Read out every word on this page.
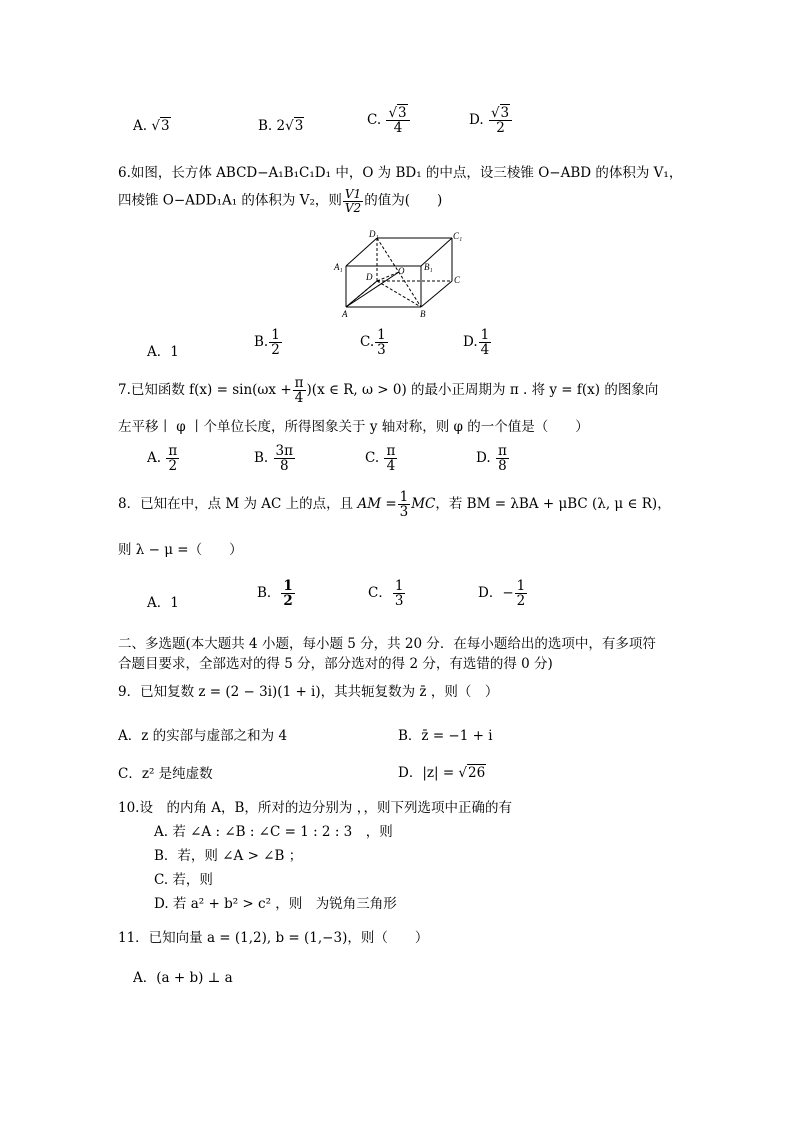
A. √3	B. 2√3	C. $\frac{√3}{4}$	D. $\frac{√3}{2}$
6.如图，长方体 ABCD−A₁B₁C₁D₁ 中，O 为 BD₁ 的中点，设三棱锥 O−ABD 的体积为 V₁，
四棱锥 O−ADD₁A₁ 的体积为 V₂，则 $\frac{V1}{V2}$ 的值为(　　)
D₁	C₁
A₁	B₁
D
O
C
A	B
A．1
B. $\frac{1}{2}$	C. $\frac{1}{3}$	D. $\frac{1}{4}$
7.已知函数 $f(x) = \sin(\omega x + \frac{\pi}{4} )(x$ ∈ R, ω > 0) 的最小正周期为 π . 将 y = f(x) 的图象向
左平移丨 φ 丨个单位长度，所得图象关于 y 轴对称，则 φ 的一个值是（　　）
A. $\frac{\pi}{2}$	B. $\frac{3\pi}{8}$	C. $\frac{\pi}{4}$	D. $\frac{\pi}{8}$
8．已知在中，点 M 为 AC 上的点，且 AM = $\frac{1}{3}$ MC，若 BM = λBA + μBC (λ, μ ∈ R)，
则 λ − μ =（　　）
A．1
B． $\frac{1}{2}$	C． $\frac{1}{3}$	D．− $\frac{1}{2}$
二、多选题(本大题共 4 小题，每小题 5 分，共 20 分．在每小题给出的选项中，有多项符
合题目要求，全部选对的得 5 分，部分选对的得 2 分，有选错的得 0 分)
9．已知复数 z = (2 − 3i)(1 + i)，其共轭复数为 z̄ ，则（　）
A．z 的实部与虚部之和为 4	B．z̄ = −1 + i
C．z² 是纯虚数	D．|z| = √26
10.设　的内角 A，B，所对的边分别为 ，，则下列选项中正确的有
A. 若 ∠A : ∠B : ∠C = 1 : 2 : 3　，则
B．若，则 ∠A > ∠B ；
C. 若，则
D. 若 a² + b² > c² ，则　为锐角三角形
11．已知向量 a = (1,2), b = (1,−3)，则（　　）
A．(a + b) ⊥ a
